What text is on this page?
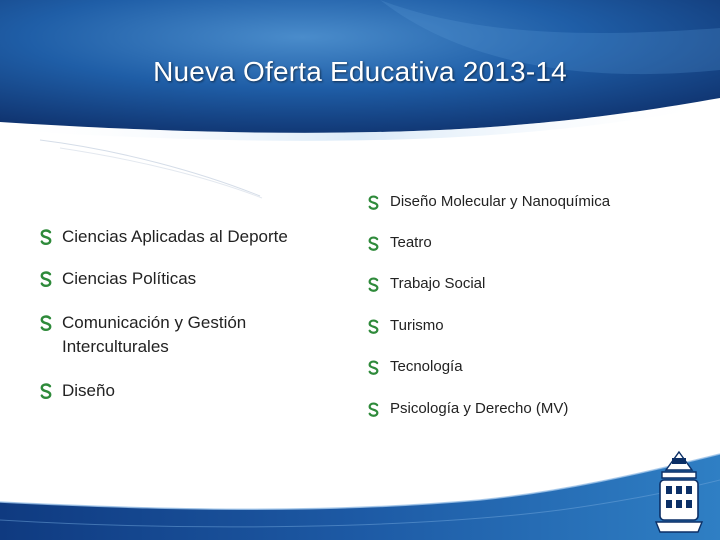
Nueva Oferta Educativa 2013-14
Ciencias Aplicadas al Deporte
Ciencias Políticas
Comunicación y Gestión Interculturales
Diseño
Diseño Molecular y Nanoquímica
Teatro
Trabajo Social
Turismo
Tecnología
Psicología y Derecho (MV)
